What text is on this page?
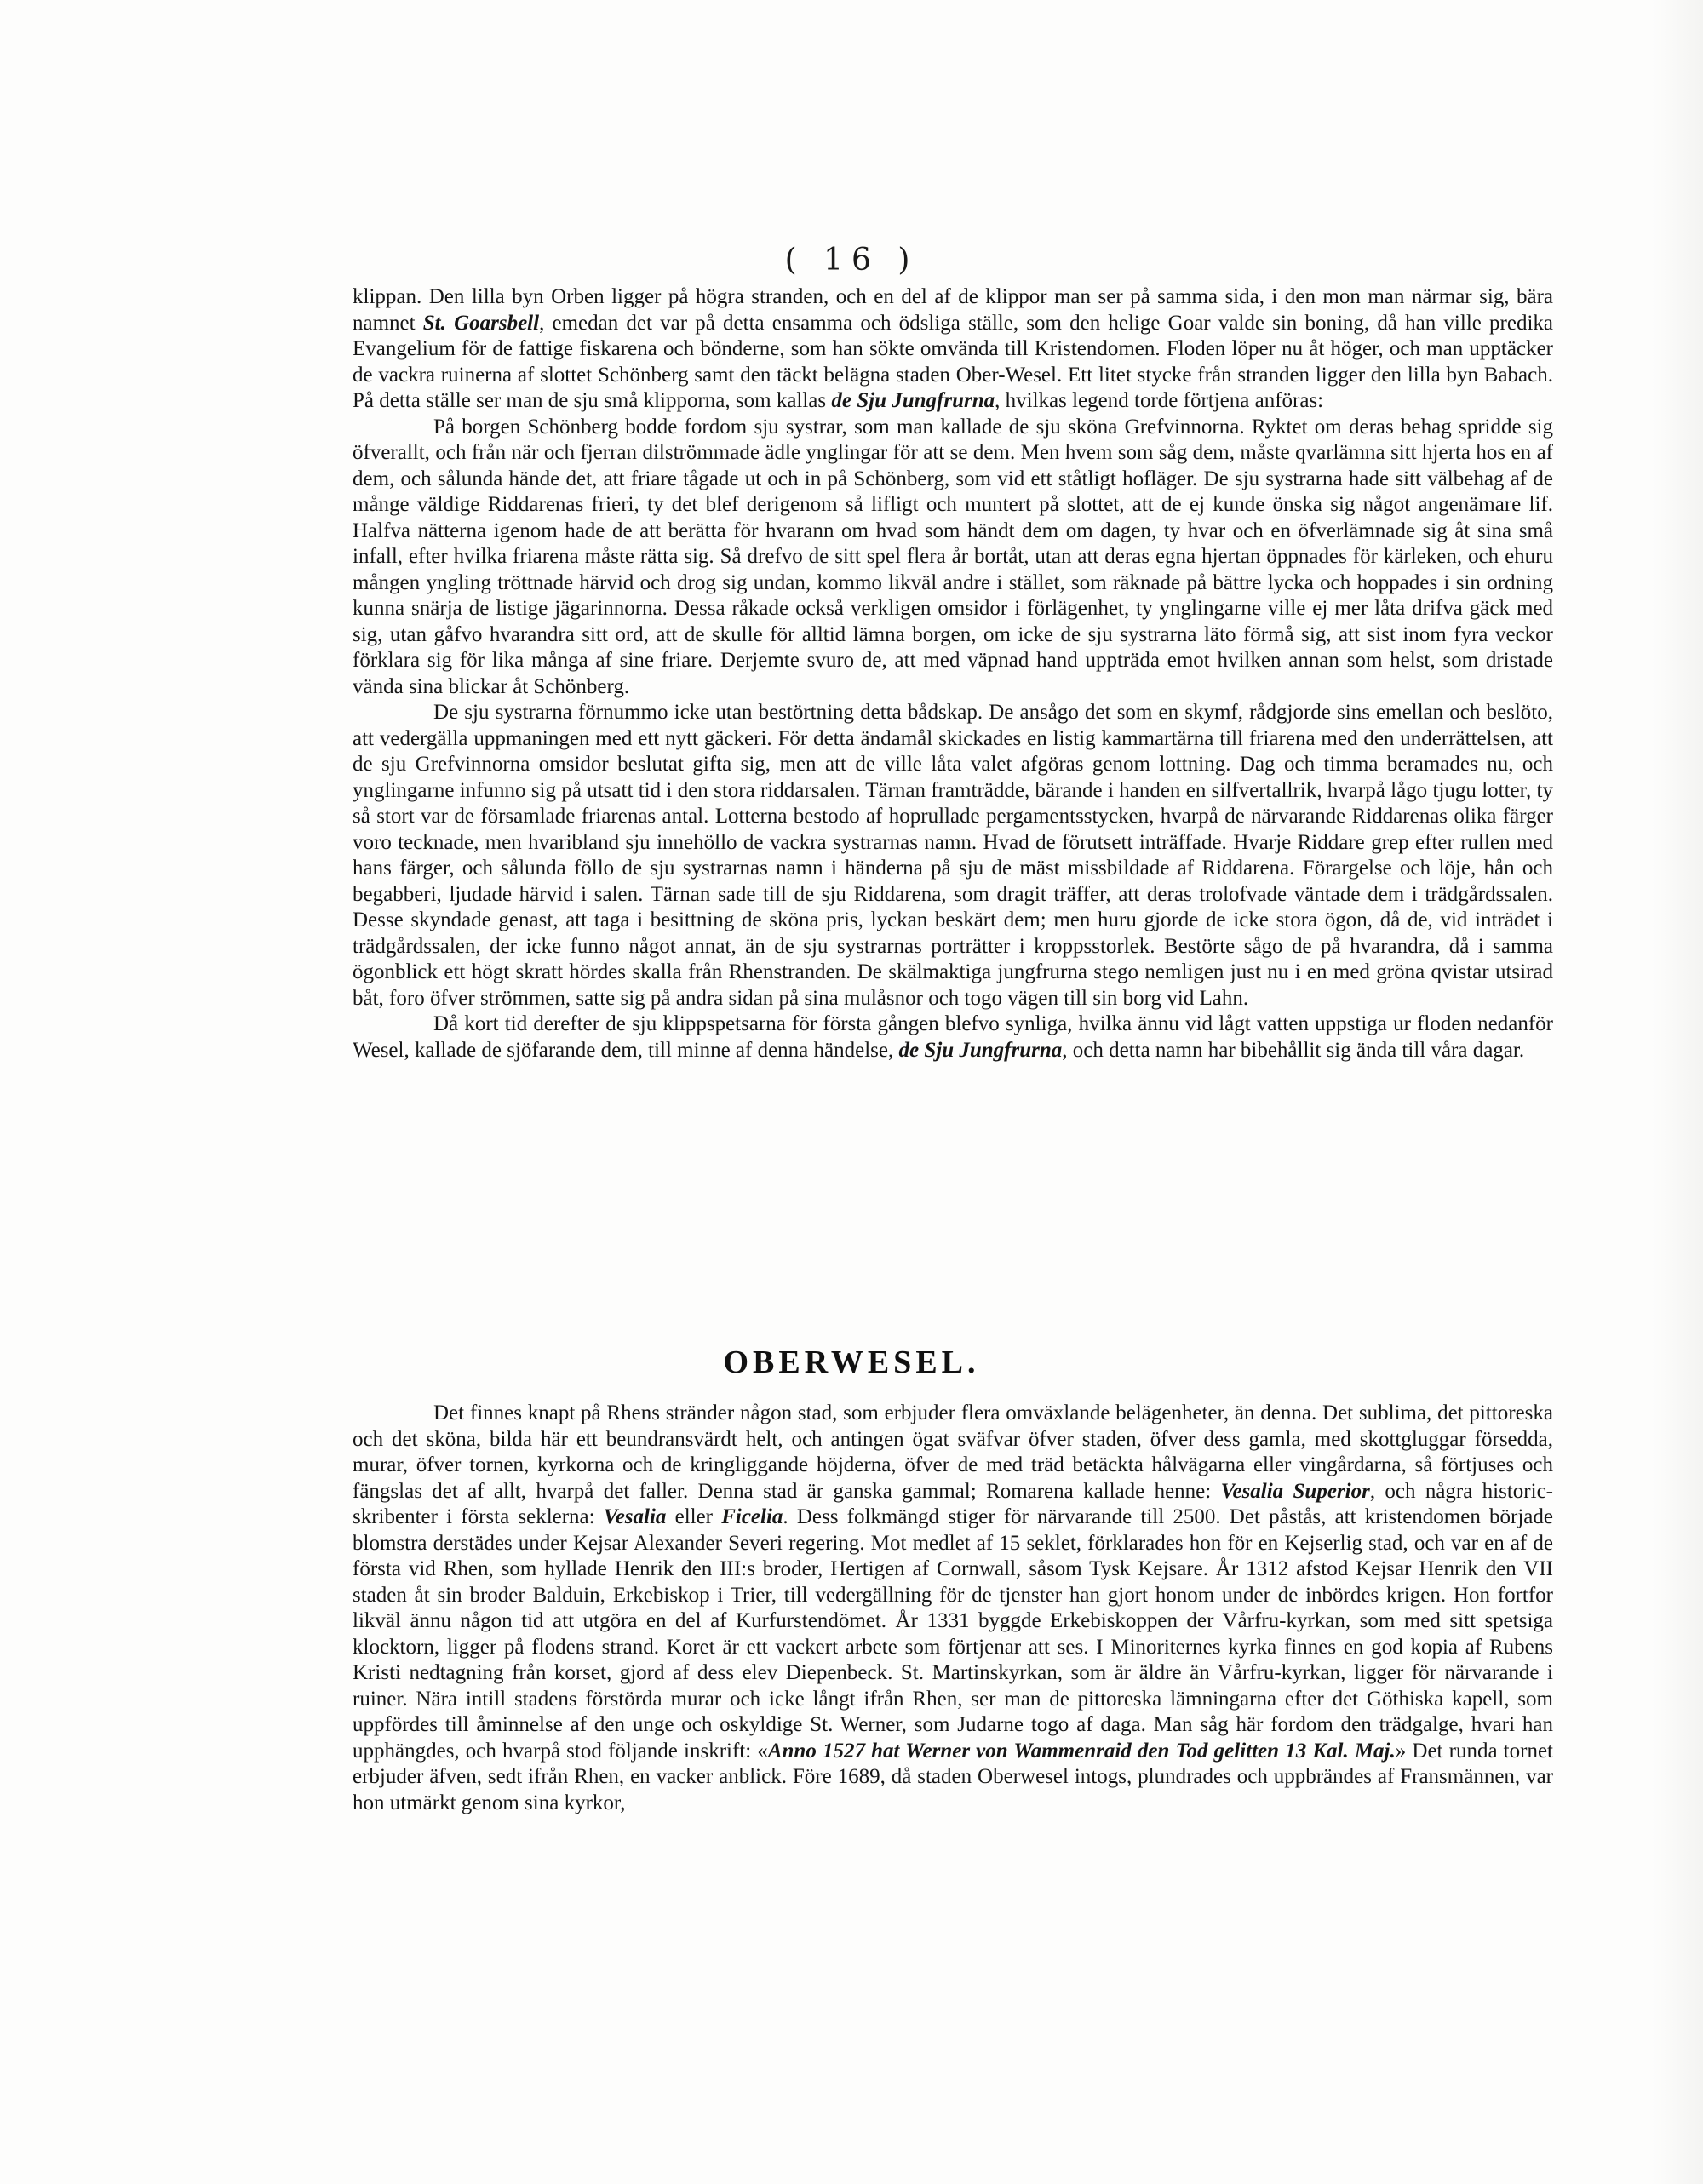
( 16 )

klippan. Den lilla byn Orben ligger på högra stranden, och en del af de klippor man ser på samma sida, i den mon man närmar sig, bära namnet St. Goarsbell, emedan det var på detta ensamma och ödsliga ställe, som den helige Goar valde sin boning, då han ville predika Evangelium för de fattige fiskarena och bönderne, som han sökte omvända till Kristendomen. Floden löper nu åt höger, och man upptäcker de vackra ruinerna af slottet Schönberg samt den täckt belägna staden Ober-Wesel. Ett litet stycke från stranden ligger den lilla byn Babach. På detta ställe ser man de sju små klipporna, som kallas de Sju Jungfrurna, hvilkas legend torde förtjena anföras:

På borgen Schönberg bodde fordom sju systrar, som man kallade de sju sköna Grefvinnorna. Ryktet om deras behag spridde sig öfverallt, och från när och fjerran dilströmmade ädle ynglingar för att se dem. Men hvem som såg dem, måste qvarlämna sitt hjerta hos en af dem, och sålunda hände det, att friare tågade ut och in på Schönberg, som vid ett ståtligt hofläger. De sju systrarna hade sitt välbehag af de månge väldige Riddarenas frieri, ty det blef derigenom så lifligt och muntert på slottet, att de ej kunde önska sig något angenämare lif. Halfva nätterna igenom hade de att berätta för hvarann om hvad som händt dem om dagen, ty hvar och en öfverlämnade sig åt sina små infall, efter hvilka friarena måste rätta sig. Så drefvo de sitt spel flera år bortåt, utan att deras egna hjertan öppnades för kärleken, och ehuru mången yngling tröttnade härvid och drog sig undan, kommo likväl andre i stället, som räknade på bättre lycka och hoppades i sin ordning kunna snärja de listige jägarinnorna. Dessa råkade också verkligen omsidor i förlägenhet, ty ynglingarne ville ej mer låta drifva gäck med sig, utan gåfvo hvarandra sitt ord, att de skulle för alltid lämna borgen, om icke de sju systrarna läto förmå sig, att sist inom fyra veckor förklara sig för lika många af sine friare. Derjemte svuro de, att med väpnad hand uppträda emot hvilken annan som helst, som dristade vända sina blickar åt Schönberg.

De sju systrarna förnummo icke utan bestörtning detta bådskap. De ansågo det som en skymf, rådgjorde sins emellan och beslöto, att vedergälla uppmaningen med ett nytt gäckeri. För detta ändamål skickades en listig kammartärna till friarena med den underrättelsen, att de sju Grefvinnorna omsidor beslutat gifta sig, men att de ville låta valet afgöras genom lottning. Dag och timma beramades nu, och ynglingarne infunno sig på utsatt tid i den stora riddarsalen. Tärnan framträdde, bärande i handen en silfvertallrik, hvarpå lågo tjugu lotter, ty så stort var de församlade friarenas antal. Lotterna bestodo af hoprullade pergamentsstycken, hvarpå de närvarande Riddarenas olika färger voro tecknade, men hvaribland sju innehöllo de vackra systrarnas namn. Hvad de förutsett inträffade. Hvarje Riddare grep efter rullen med hans färger, och sålunda föllo de sju systrarnas namn i händerna på sju de mäst missbildade af Riddarena. Förargelse och löje, hån och begabberi, ljudade härvid i salen. Tärnan sade till de sju Riddarena, som dragit träffer, att deras trolofvade väntade dem i trädgårdssalen. Desse skyndade genast, att taga i besittning de sköna pris, lyckan beskärt dem; men huru gjorde de icke stora ögon, då de, vid inträdet i trädgårdssalen, der icke funno något annat, än de sju systrarnas porträtter i kroppsstorlek. Bestörte sågo de på hvarandra, då i samma ögonblick ett högt skratt hördes skalla från Rhenstranden. De skälmaktiga jungfrurna stego nemligen just nu i en med gröna qvistar utsirad båt, foro öfver strömmen, satte sig på andra sidan på sina mulåsnor och togo vägen till sin borg vid Lahn.

Då kort tid derefter de sju klippspetsarna för första gången blefvo synliga, hvilka ännu vid lågt vatten uppstiga ur floden nedanför Wesel, kallade de sjöfarande dem, till minne af denna händelse, de Sju Jungfrurna, och detta namn har bibehållit sig ända till våra dagar.

OBERWESEL.

Det finnes knapt på Rhens stränder någon stad, som erbjuder flera omväxlande belägenheter, än denna. Det sublima, det pittoreska och det sköna, bilda här ett beundransvärdt helt, och antingen ögat sväfvar öfver staden, öfver dess gamla, med skottgluggar försedda, murar, öfver tornen, kyrkorna och de kringliggande höjderna, öfver de med träd betäckta hålvägarna eller vingårdarna, så förtjuses och fängslas det af allt, hvarpå det faller. Denna stad är ganska gammal; Romarena kallade henne: Vesalia Superior, och några historic-skribenter i första seklerna: Vesalia eller Ficelia. Dess folkmängd stiger för närvarande till 2500. Det påstås, att kristendomen började blomstra derstädes under Kejsar Alexander Severi regering. Mot medlet af 15 seklet, förklarades hon för en Kejserlig stad, och var en af de första vid Rhen, som hyllade Henrik den III:s broder, Hertigen af Cornwall, såsom Tysk Kejsare. År 1312 afstod Kejsar Henrik den VII staden åt sin broder Balduin, Erkebiskop i Trier, till vedergällning för de tjenster han gjort honom under de inbördes krigen. Hon fortfor likväl ännu någon tid att utgöra en del af Kurfurstendömet. År 1331 byggde Erkebiskoppen der Vårfru-kyrkan, som med sitt spetsiga klocktorn, ligger på flodens strand. Koret är ett vackert arbete som förtjenar att ses. I Minoriternes kyrka finnes en god kopia af Rubens Kristi nedtagning från korset, gjord af dess elev Diepenbeck. St. Martinskyrkan, som är äldre än Vårfru-kyrkan, ligger för närvarande i ruiner. Nära intill stadens förstörda murar och icke långt ifrån Rhen, ser man de pittoreska lämningarna efter det Göthiska kapell, som uppfördes till åminnelse af den unge och oskyldige St. Werner, som Judarne togo af daga. Man såg här fordom den trädgalge, hvari han upphängdes, och hvarpå stod följande inskrift: «Anno 1527 hat Werner von Wammenraid den Tod gelitten 13 Kal. Maj.» Det runda tornet erbjuder äfven, sedt ifrån Rhen, en vacker anblick. Före 1689, då staden Oberwesel intogs, plundrades och uppbrändes af Fransmännen, var hon utmärkt genom sina kyrkor,
